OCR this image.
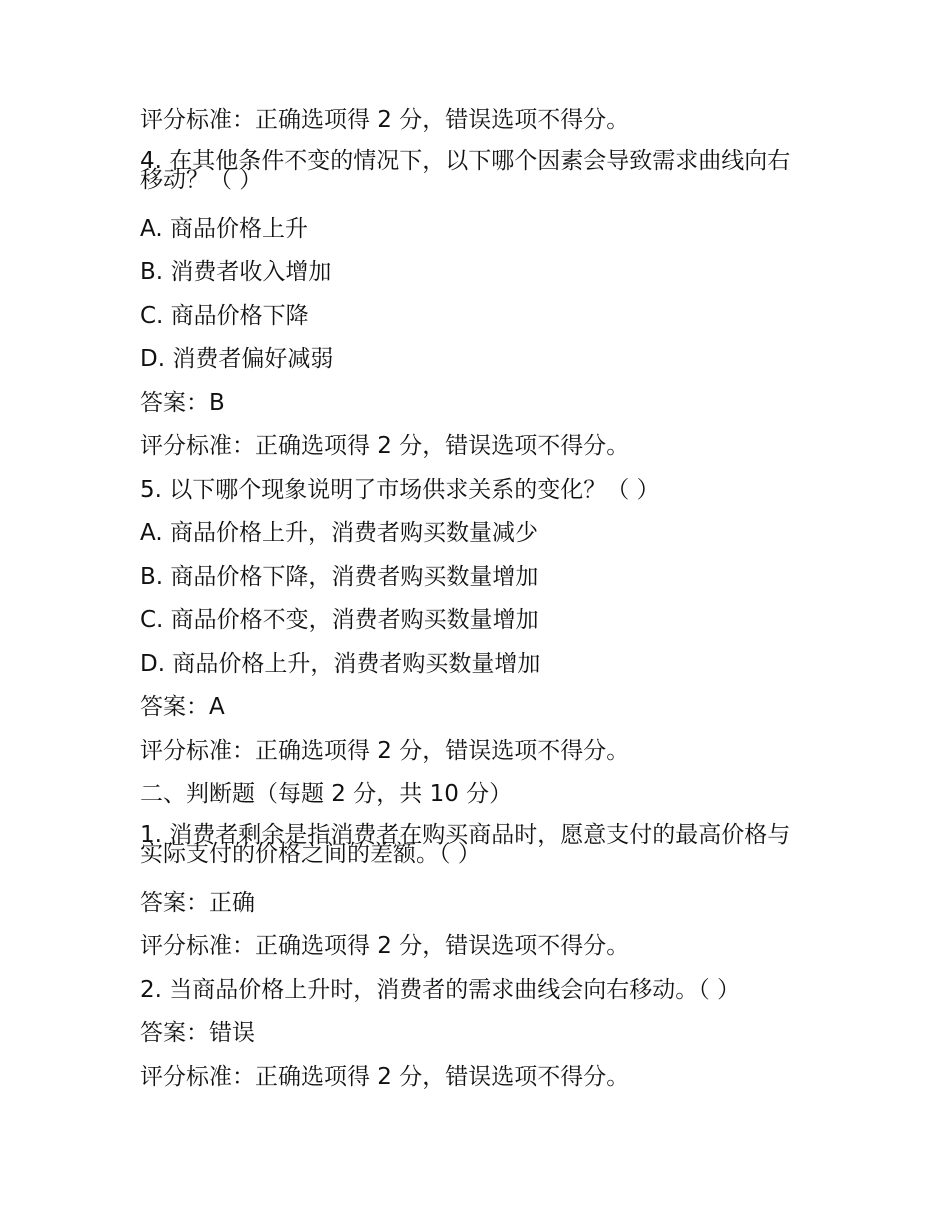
评分标准：正确选项得 2 分，错误选项不得分。
4. 在其他条件不变的情况下，以下哪个因素会导致需求曲线向右移动？（ ）
A. 商品价格上升
B. 消费者收入增加
C. 商品价格下降
D. 消费者偏好减弱
答案：B
评分标准：正确选项得 2 分，错误选项不得分。
5. 以下哪个现象说明了市场供求关系的变化？（ ）
A. 商品价格上升，消费者购买数量减少
B. 商品价格下降，消费者购买数量增加
C. 商品价格不变，消费者购买数量增加
D. 商品价格上升，消费者购买数量增加
答案：A
评分标准：正确选项得 2 分，错误选项不得分。
二、判断题（每题 2 分，共 10 分）
1. 消费者剩余是指消费者在购买商品时，愿意支付的最高价格与实际支付的价格之间的差额。（ ）
答案：正确
评分标准：正确选项得 2 分，错误选项不得分。
2. 当商品价格上升时，消费者的需求曲线会向右移动。（ ）
答案：错误
评分标准：正确选项得 2 分，错误选项不得分。
